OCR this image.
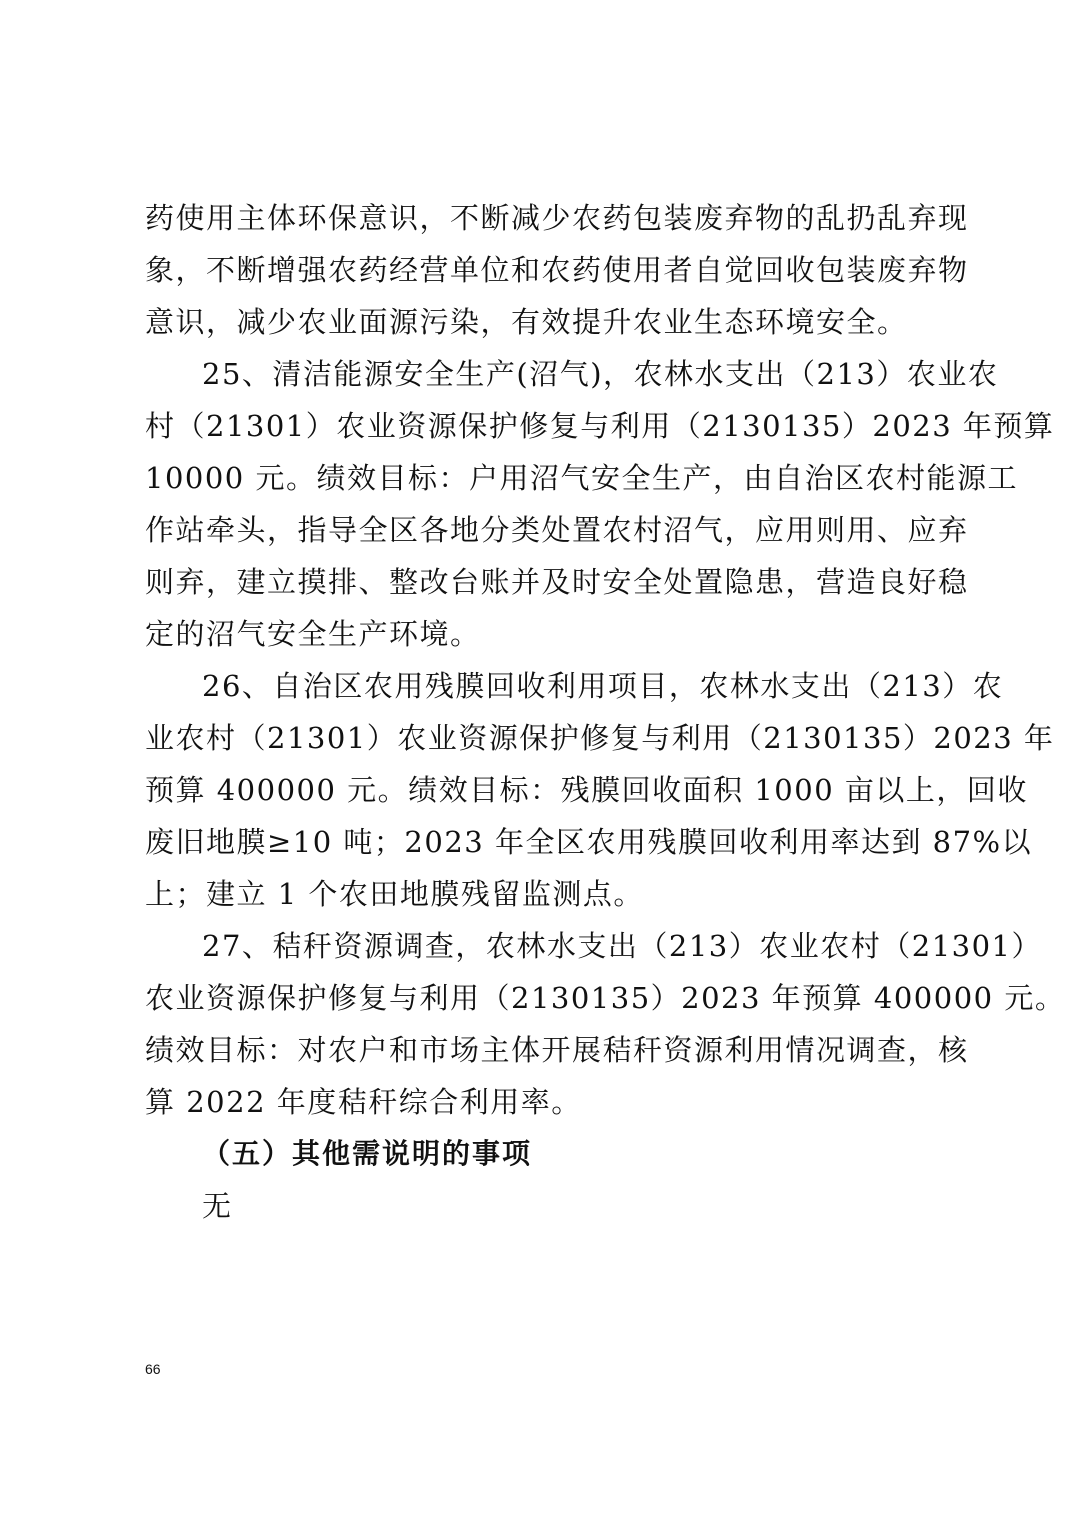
药使用主体环保意识，不断减少农药包装废弃物的乱扔乱弃现
象，不断增强农药经营单位和农药使用者自觉回收包装废弃物
意识，减少农业面源污染，有效提升农业生态环境安全。
25、清洁能源安全生产(沼气)，农林水支出（213）农业农
村（21301）农业资源保护修复与利用（2130135）2023 年预算
10000 元。绩效目标：户用沼气安全生产，由自治区农村能源工
作站牵头，指导全区各地分类处置农村沼气，应用则用、应弃
则弃，建立摸排、整改台账并及时安全处置隐患，营造良好稳
定的沼气安全生产环境。
26、自治区农用残膜回收利用项目，农林水支出（213）农
业农村（21301）农业资源保护修复与利用（2130135）2023 年
预算 400000 元。绩效目标：残膜回收面积 1000 亩以上，回收
废旧地膜≥10 吨；2023 年全区农用残膜回收利用率达到 87%以
上；建立 1 个农田地膜残留监测点。
27、秸秆资源调查，农林水支出（213）农业农村（21301）
农业资源保护修复与利用（2130135）2023 年预算 400000 元。
绩效目标：对农户和市场主体开展秸秆资源利用情况调查，核
算 2022 年度秸秆综合利用率。
（五）其他需说明的事项
无
66
